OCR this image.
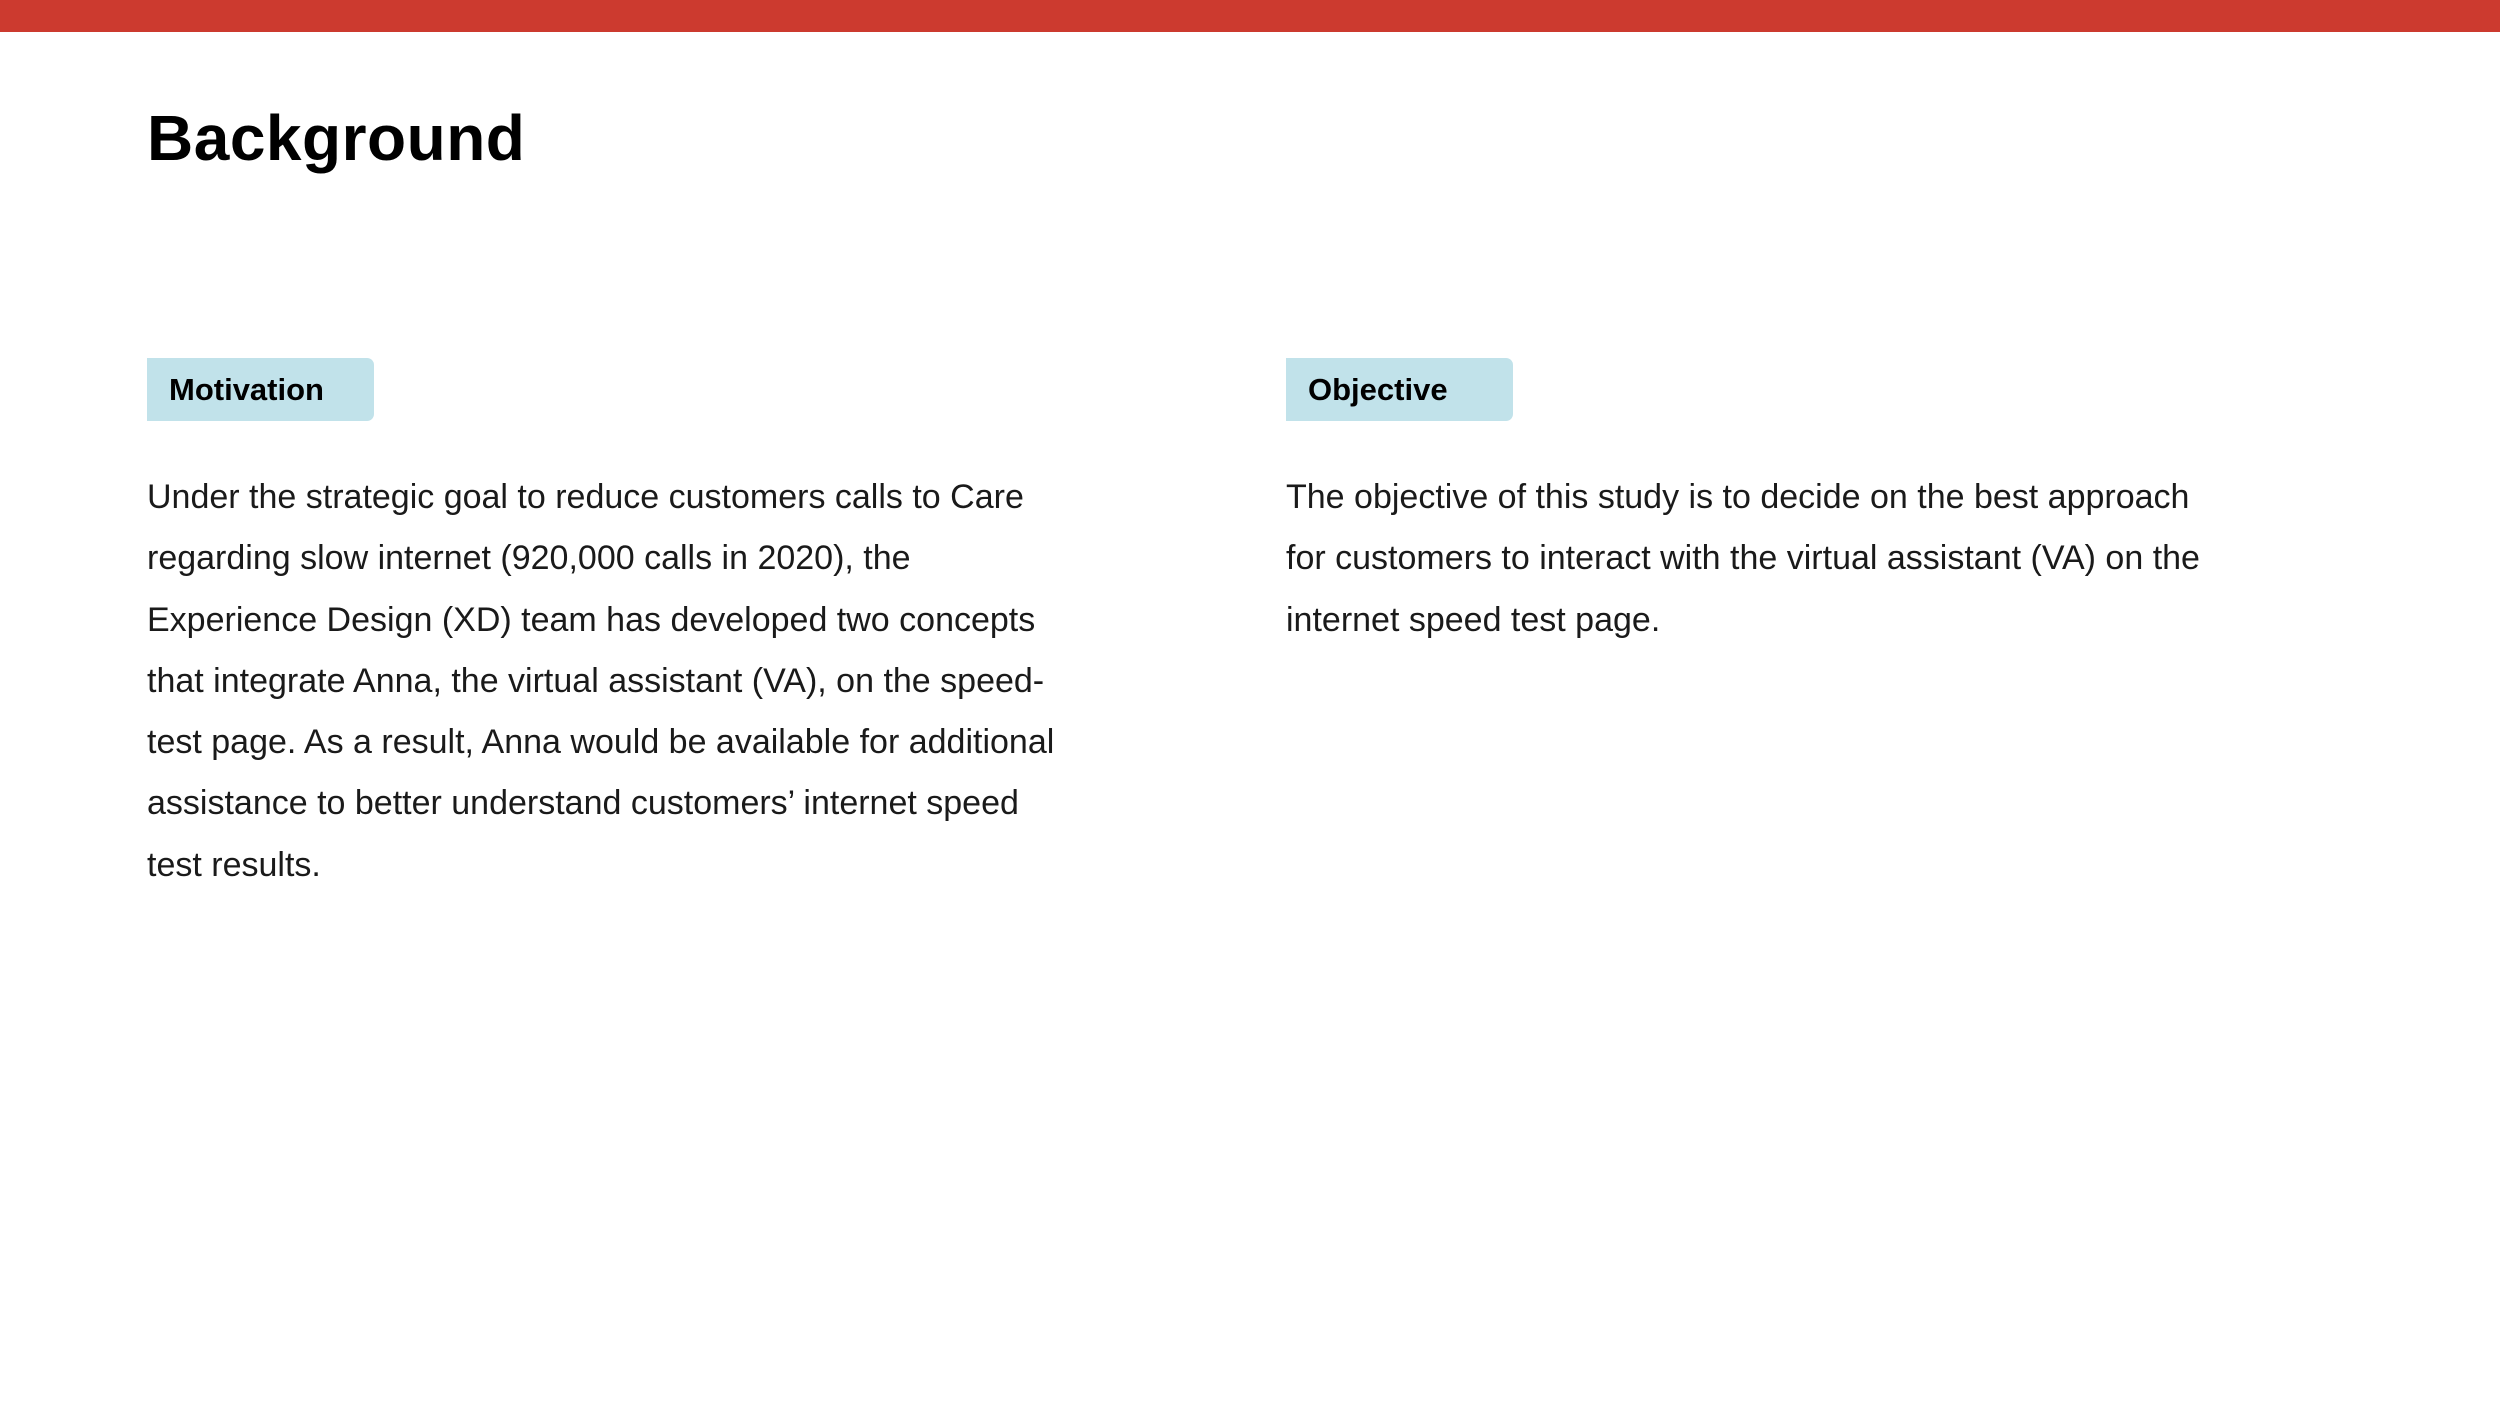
Background
Motivation

Under the strategic goal to reduce customers calls to Care regarding slow internet (920,000 calls in 2020), the Experience Design (XD) team has developed two concepts that integrate Anna, the virtual assistant (VA), on the speed-test page. As a result, Anna would be available for additional assistance to better understand customers’ internet speed test results.

Objective

The objective of this study is to decide on the best approach for customers to interact with the virtual assistant (VA) on the internet speed test page.
